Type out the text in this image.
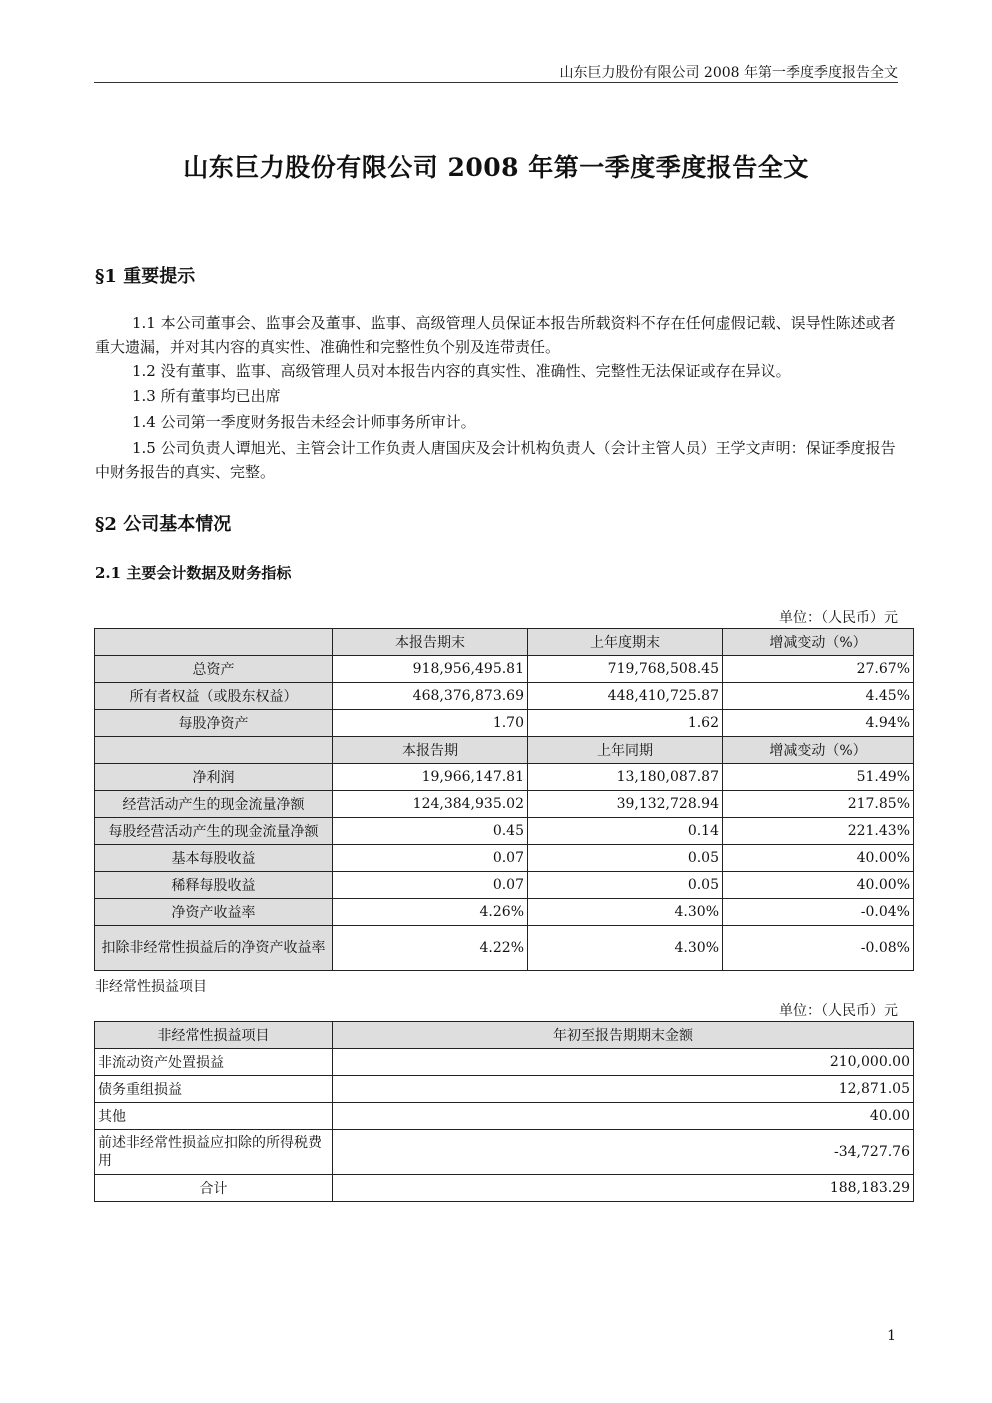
山东巨力股份有限公司 2008 年第一季度季度报告全文
山东巨力股份有限公司 2008 年第一季度季度报告全文
§1 重要提示
1.1 本公司董事会、监事会及董事、监事、高级管理人员保证本报告所载资料不存在任何虚假记载、误导性陈述或者重大遗漏，并对其内容的真实性、准确性和完整性负个别及连带责任。
1.2 没有董事、监事、高级管理人员对本报告内容的真实性、准确性、完整性无法保证或存在异议。
1.3 所有董事均已出席
1.4 公司第一季度财务报告未经会计师事务所审计。
1.5 公司负责人谭旭光、主管会计工作负责人唐国庆及会计机构负责人（会计主管人员）王学文声明：保证季度报告中财务报告的真实、完整。
§2 公司基本情况
2.1 主要会计数据及财务指标
单位：（人民币）元
	本报告期末	上年度期末	增减变动（%）
总资产	918,956,495.81	719,768,508.45	27.67%
所有者权益（或股东权益）	468,376,873.69	448,410,725.87	4.45%
每股净资产	1.70	1.62	4.94%
	本报告期	上年同期	增减变动（%）
净利润	19,966,147.81	13,180,087.87	51.49%
经营活动产生的现金流量净额	124,384,935.02	39,132,728.94	217.85%
每股经营活动产生的现金流量净额	0.45	0.14	221.43%
基本每股收益	0.07	0.05	40.00%
稀释每股收益	0.07	0.05	40.00%
净资产收益率	4.26%	4.30%	-0.04%
扣除非经常性损益后的净资产收益率	4.22%	4.30%	-0.08%
非经常性损益项目
单位：（人民币）元
非经常性损益项目	年初至报告期期末金额
非流动资产处置损益	210,000.00
债务重组损益	12,871.05
其他	40.00
前述非经常性损益应扣除的所得税费用	-34,727.76
合计	188,183.29
1
